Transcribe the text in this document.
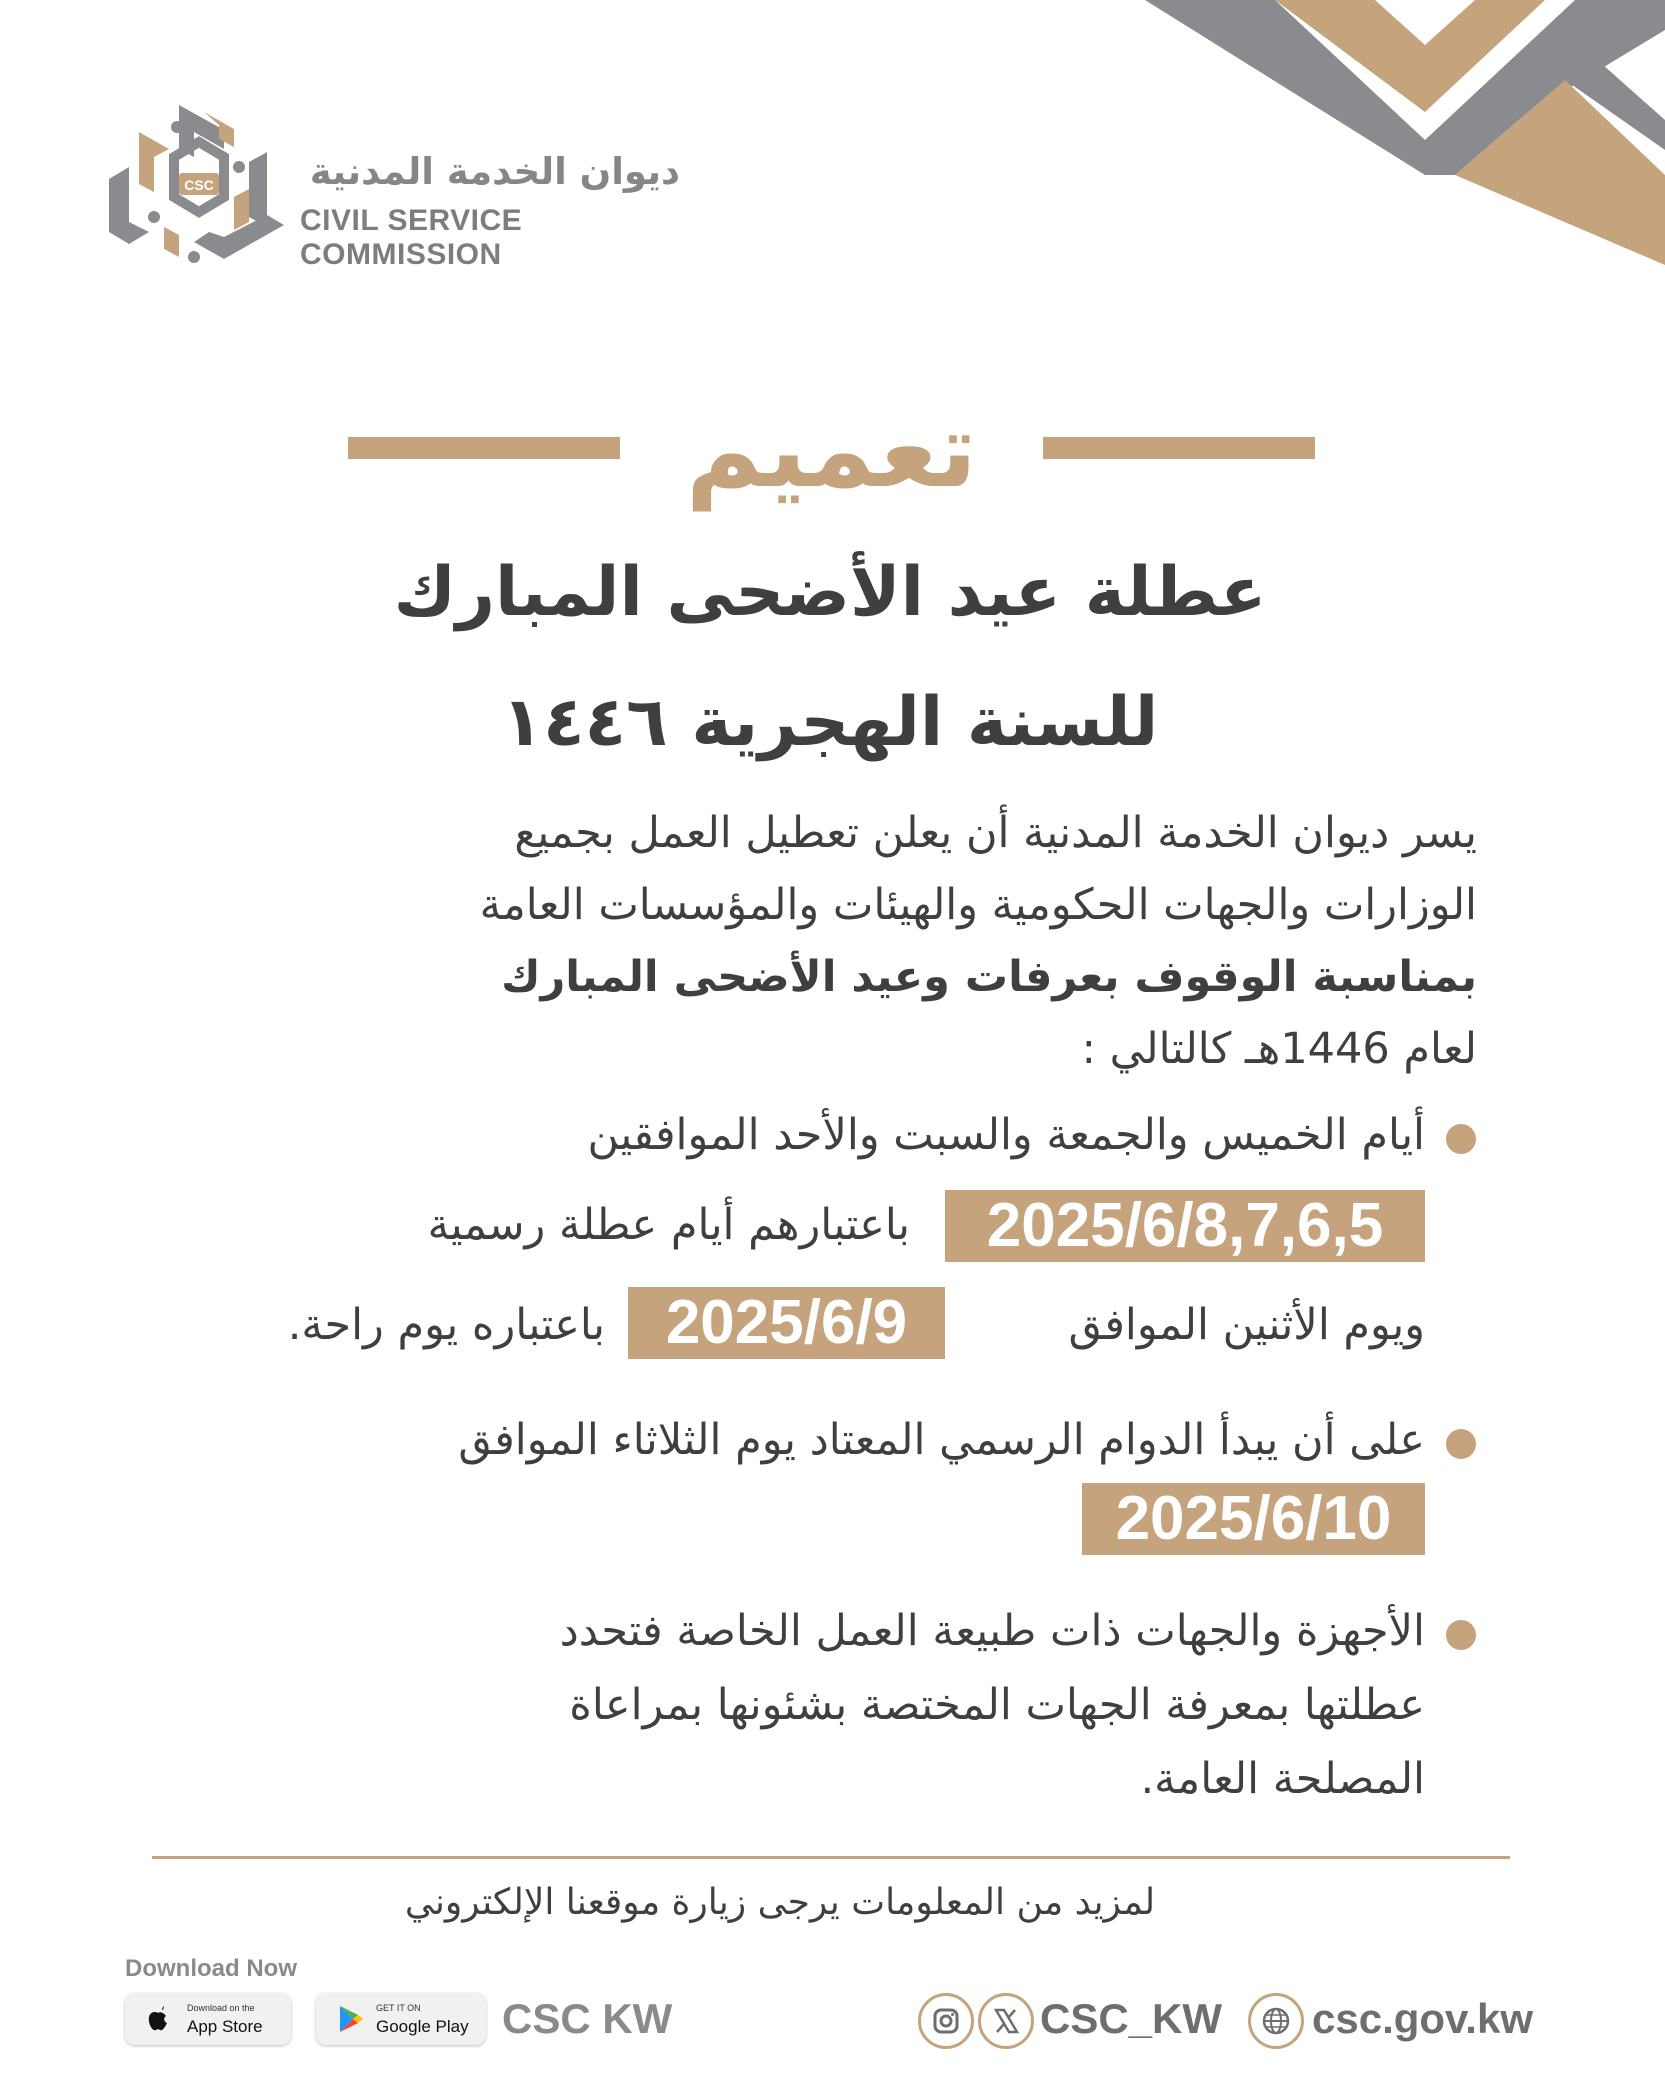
CSC	ديوان الخدمة المدنية
CIVIL SERVICE COMMISSION
تعميم
عطلة عيد الأضحى المبارك
للسنة الهجرية ١٤٤٦
يسر ديوان الخدمة المدنية أن يعلن تعطيل العمل بجميع
الوزارات والجهات الحكومية والهيئات والمؤسسات العامة
بمناسبة الوقوف بعرفات وعيد الأضحى المبارك
لعام 1446هـ كالتالي :
أيام الخميس والجمعة والسبت والأحد الموافقين
2025/6/8,7,6,5
باعتبارهم أيام عطلة رسمية
ويوم الأثنين الموافق
2025/6/9
باعتباره يوم راحة.
على أن يبدأ الدوام الرسمي المعتاد يوم الثلاثاء الموافق
2025/6/10
الأجهزة والجهات ذات طبيعة العمل الخاصة فتحدد
عطلتها بمعرفة الجهات المختصة بشئونها بمراعاة
المصلحة العامة.
لمزيد من المعلومات يرجى زيارة موقعنا الإلكتروني
Download Now
Download on the
App Store
GET IT ON
Google Play CSC KW	CSC_KW csc.gov.kw
